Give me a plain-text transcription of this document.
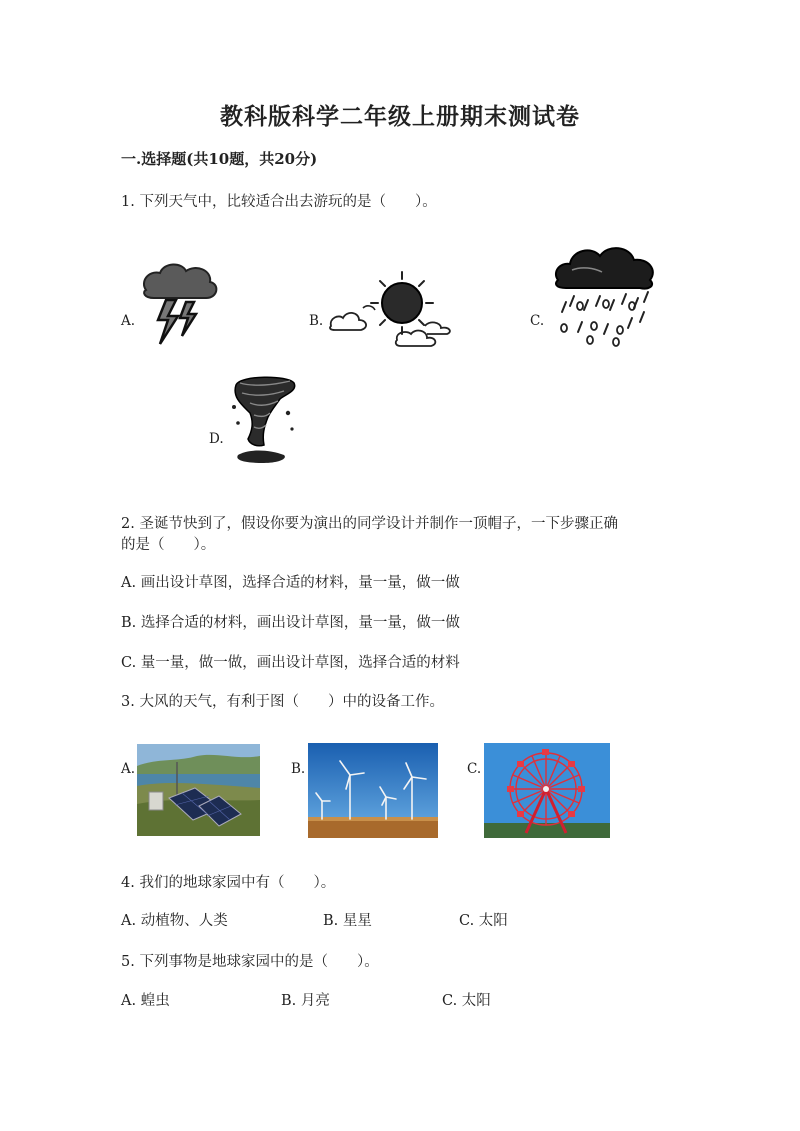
教科版科学二年级上册期末测试卷
一.选择题(共10题，共20分)
1. 下列天气中，比较适合出去游玩的是（　　）。
A.	B.	C.
D.
2. 圣诞节快到了，假设你要为演出的同学设计并制作一顶帽子，一下步骤正确
的是（　　）。
A. 画出设计草图，选择合适的材料，量一量，做一做
B. 选择合适的材料，画出设计草图，量一量，做一做
C. 量一量，做一做，画出设计草图，选择合适的材料
3. 大风的天气，有利于图（　　）中的设备工作。
A.	B.	C.
4. 我们的地球家园中有（　　）。
A. 动植物、人类	B. 星星	C. 太阳
5. 下列事物是地球家园中的是（　　）。
A. 蝗虫	B. 月亮	C. 太阳
